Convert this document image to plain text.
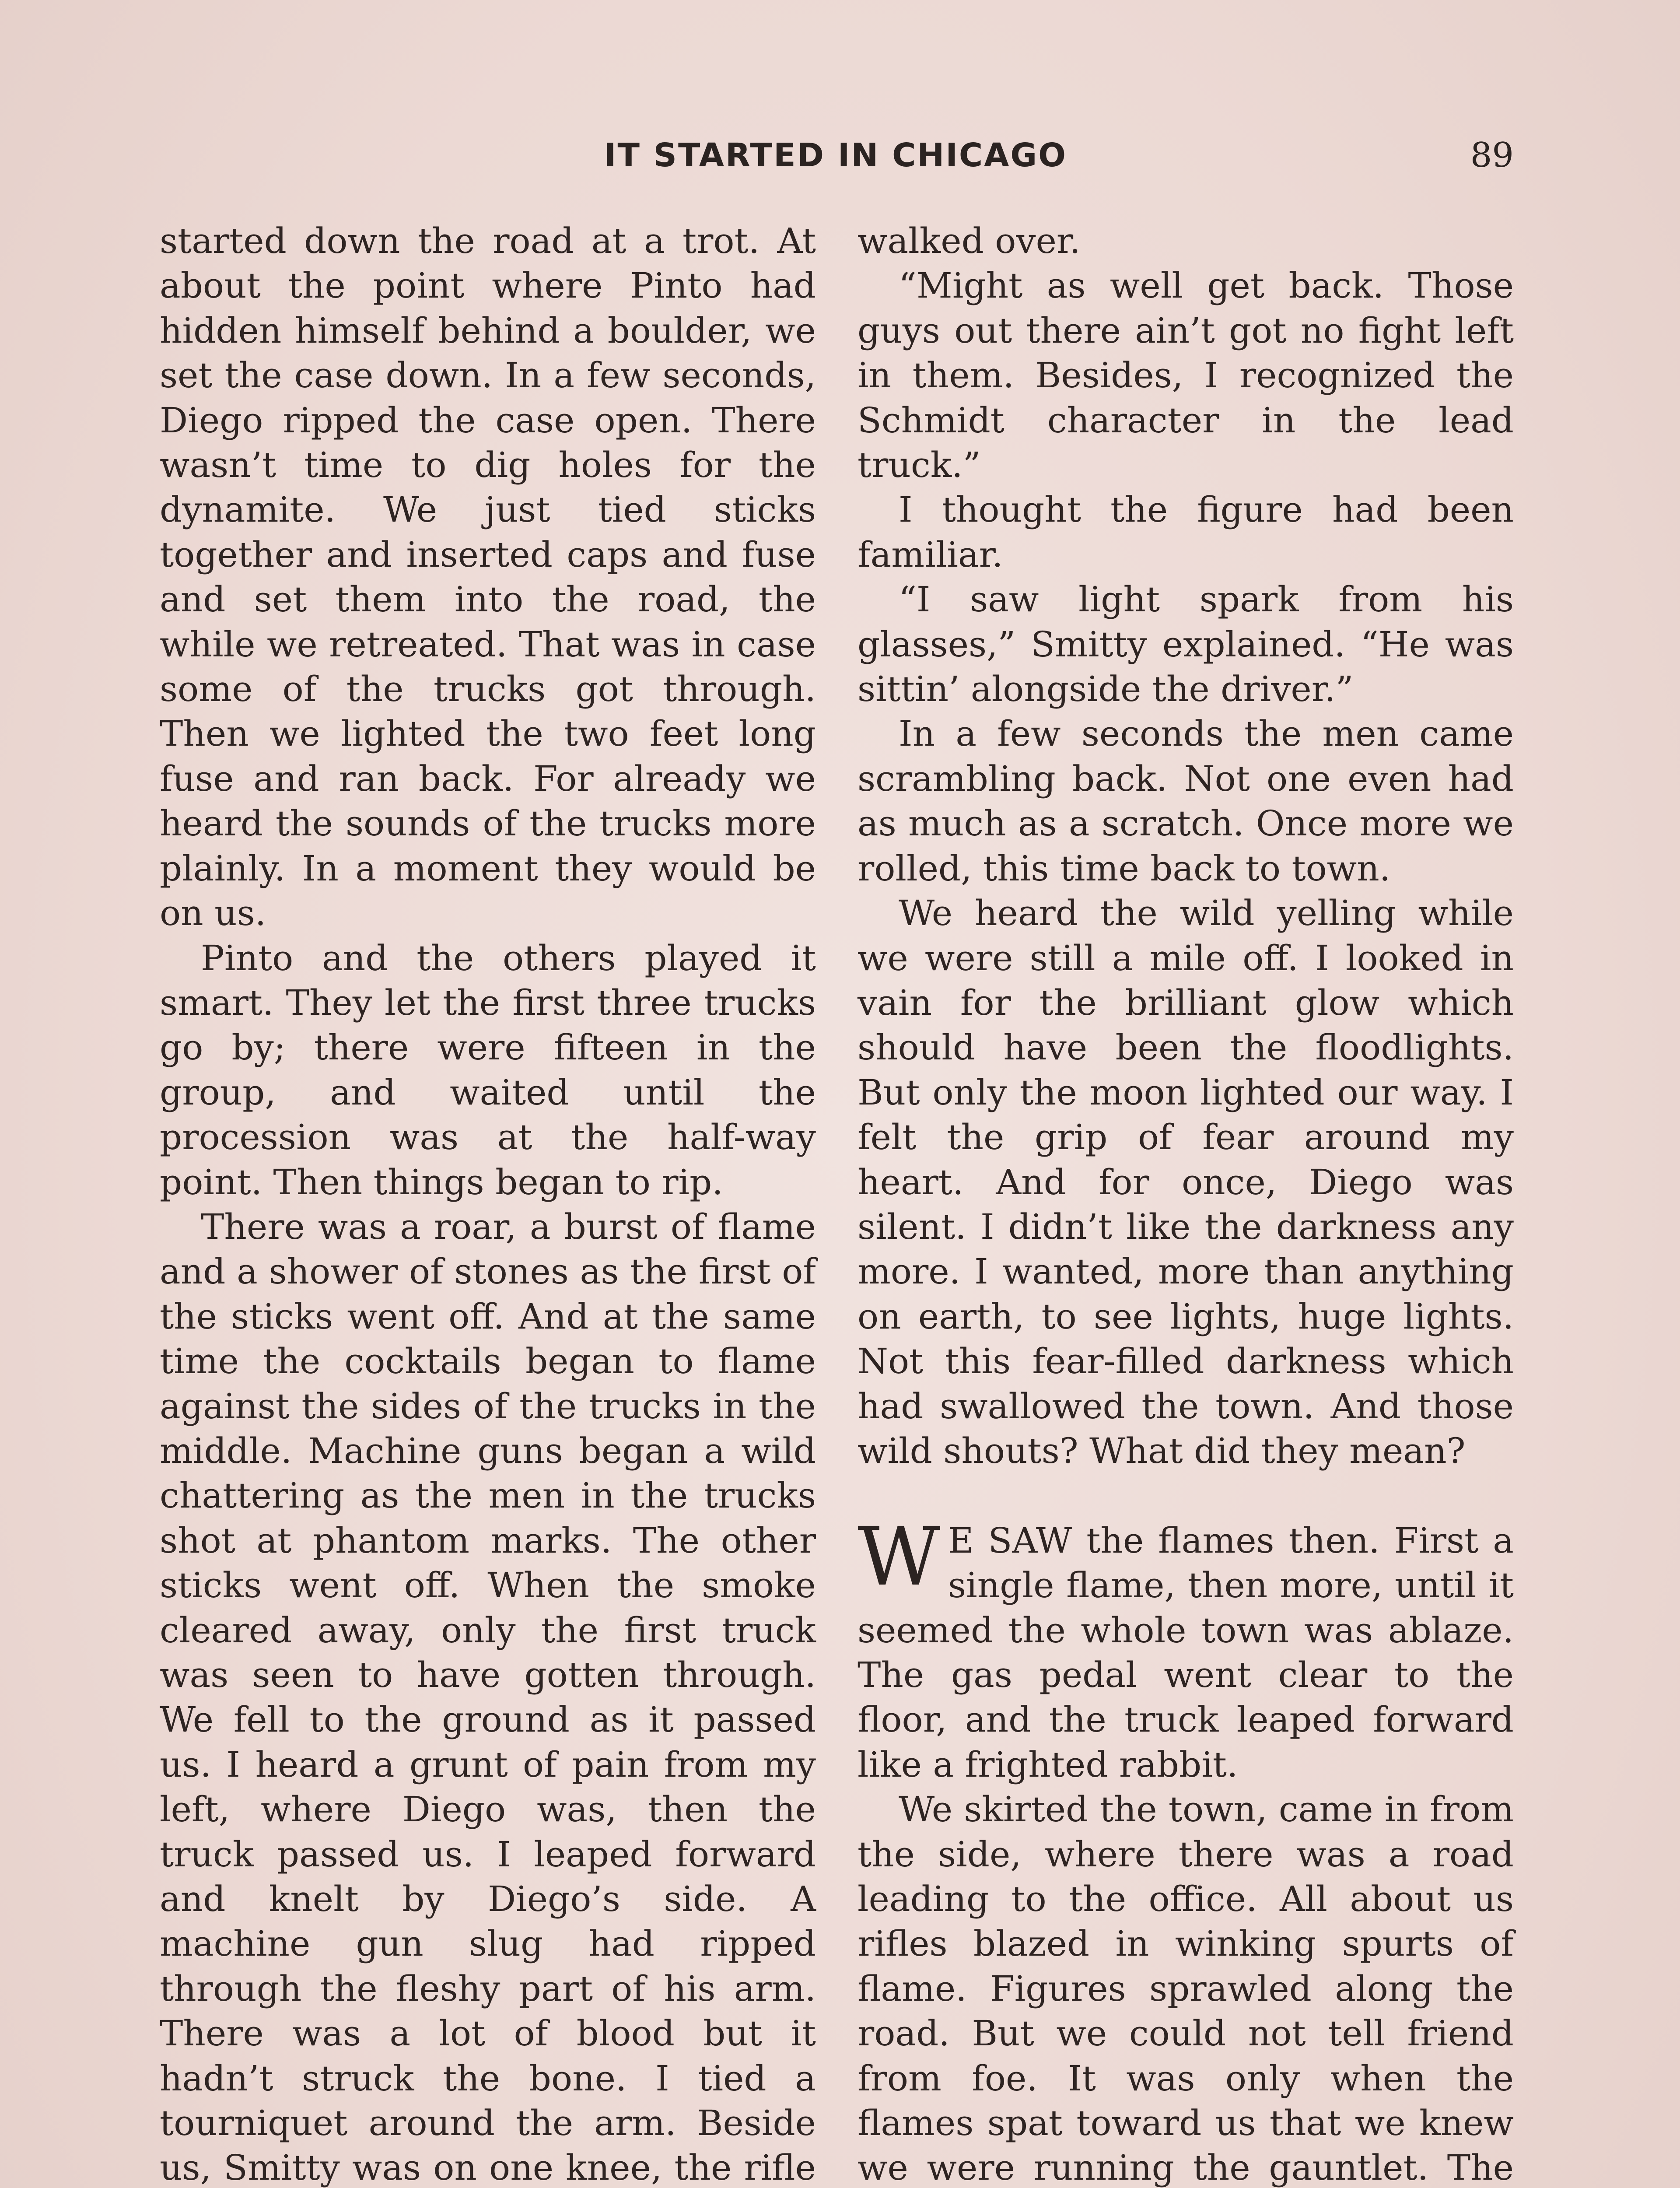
IT STARTED IN CHICAGO	89

started down the road at a trot. At about the point where Pinto had hidden himself behind a boulder, we set the case down. In a few seconds, Diego ripped the case open. There wasn’t time to dig holes for the dynamite. We just tied sticks together and inserted caps and fuse and set them into the road, the while we retreated. That was in case some of the trucks got through. Then we lighted the two feet long fuse and ran back. For already we heard the sounds of the trucks more plainly. In a moment they would be on us.

Pinto and the others played it smart. They let the first three trucks go by; there were fifteen in the group, and waited until the procession was at the half-way point. Then things began to rip.

There was a roar, a burst of flame and a shower of stones as the first of the sticks went off. And at the same time the cocktails began to flame against the sides of the trucks in the middle. Machine guns began a wild chattering as the men in the trucks shot at phantom marks. The other sticks went off. When the smoke cleared away, only the first truck was seen to have gotten through. We fell to the ground as it passed us. I heard a grunt of pain from my left, where Diego was, then the truck passed us. I leaped forward and knelt by Diego’s side. A machine gun slug had ripped through the fleshy part of his arm. There was a lot of blood but it hadn’t struck the bone. I tied a tourniquet around the arm. Beside us, Smitty was on one knee, the rifle

walked over.

“Might as well get back. Those guys out there ain’t got no fight left in them. Besides, I recognized the Schmidt character in the lead truck.”

I thought the figure had been familiar.

“I saw light spark from his glasses,” Smitty explained. “He was sittin’ alongside the driver.”

In a few seconds the men came scrambling back. Not one even had as much as a scratch. Once more we rolled, this time back to town.

We heard the wild yelling while we were still a mile off. I looked in vain for the brilliant glow which should have been the floodlights. But only the moon lighted our way. I felt the grip of fear around my heart. And for once, Diego was silent. I didn’t like the darkness any more. I wanted, more than anything on earth, to see lights, huge lights. Not this fear-filled darkness which had swallowed the town. And those wild shouts? What did they mean?

W E SAW the flames then. First a single flame, then more, until it seemed the whole town was ablaze. The gas pedal went clear to the floor, and the truck leaped forward like a frighted rabbit.

We skirted the town, came in from the side, where there was a road leading to the office. All about us rifles blazed in winking spurts of flame. Figures sprawled along the road. But we could not tell friend from foe. It was only when the flames spat toward us that we knew we were running the gauntlet. The
